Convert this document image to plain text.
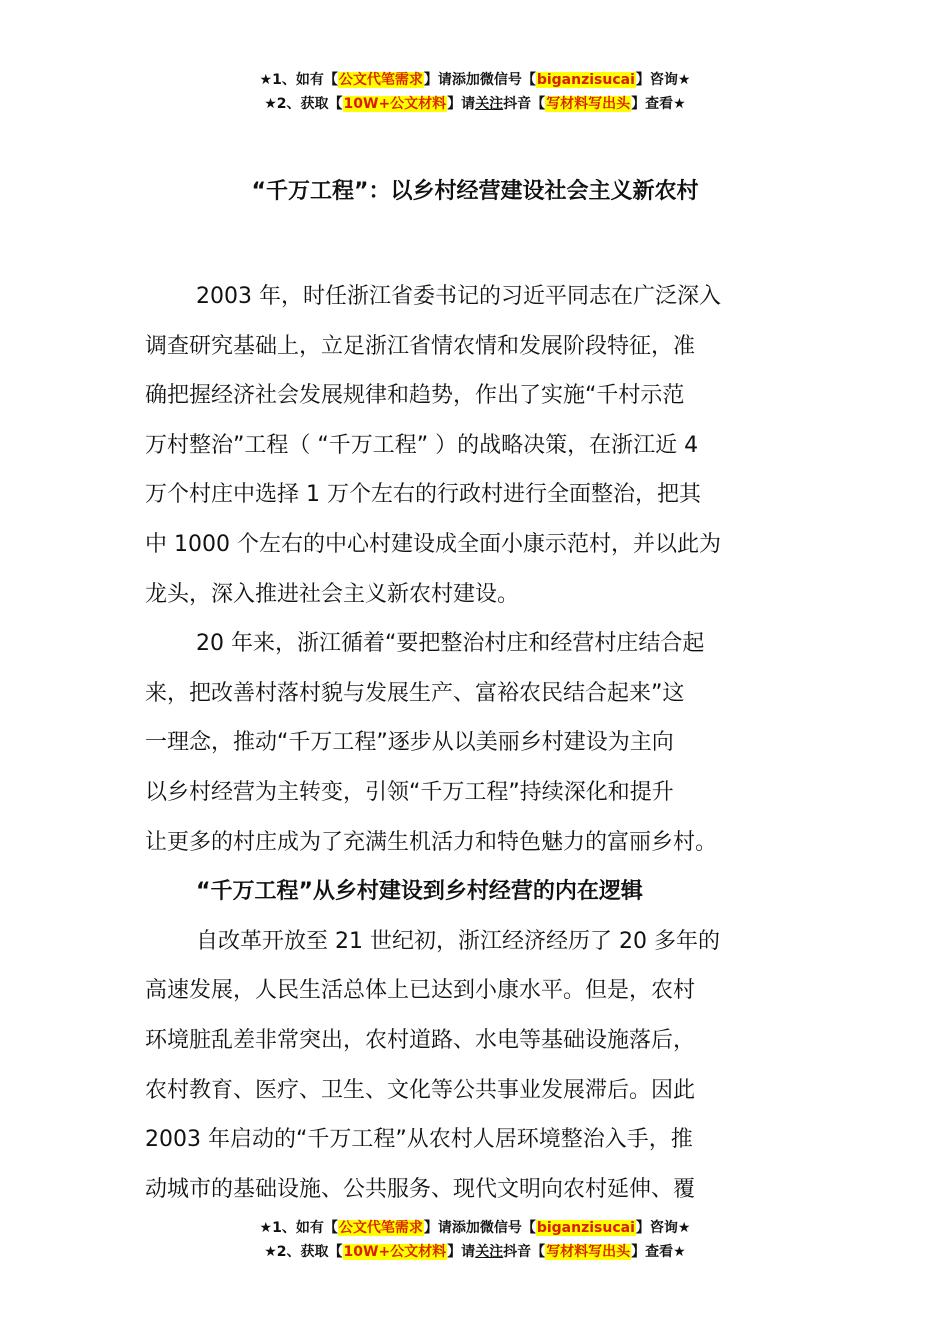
★1、如有【公文代笔需求】请添加微信号【biganzisucai】咨询★
★2、获取【10W+公文材料】请关注抖音【写材料写出头】查看★
“千万工程”：以乡村经营建设社会主义新农村
2003 年，时任浙江省委书记的习近平同志在广泛深入
调查研究基础上，立足浙江省情农情和发展阶段特征，准
确把握经济社会发展规律和趋势，作出了实施“千村示范
万村整治”工程（ “千万工程” ）的战略决策，在浙江近 4
万个村庄中选择 1 万个左右的行政村进行全面整治，把其
中 1000 个左右的中心村建设成全面小康示范村，并以此为
龙头，深入推进社会主义新农村建设。
20 年来，浙江循着“要把整治村庄和经营村庄结合起
来，把改善村落村貌与发展生产、富裕农民结合起来”这
一理念，推动“千万工程”逐步从以美丽乡村建设为主向
以乡村经营为主转变，引领“千万工程”持续深化和提升
让更多的村庄成为了充满生机活力和特色魅力的富丽乡村。
“千万工程”从乡村建设到乡村经营的内在逻辑
自改革开放至 21 世纪初，浙江经济经历了 20 多年的
高速发展，人民生活总体上已达到小康水平。但是，农村
环境脏乱差非常突出，农村道路、水电等基础设施落后，
农村教育、医疗、卫生、文化等公共事业发展滞后。因此
2003 年启动的“千万工程”从农村人居环境整治入手，推
动城市的基础设施、公共服务、现代文明向农村延伸、覆
★1、如有【公文代笔需求】请添加微信号【biganzisucai】咨询★
★2、获取【10W+公文材料】请关注抖音【写材料写出头】查看★
